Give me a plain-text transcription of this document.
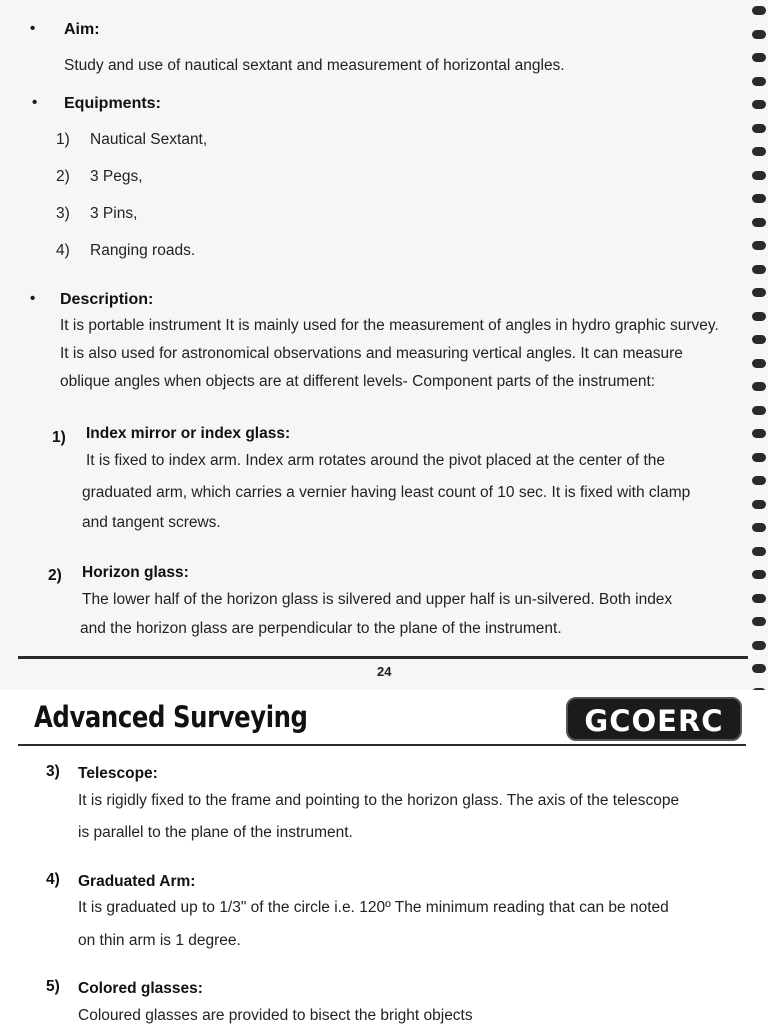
• Aim:
Study and use of nautical sextant and measurement of horizontal angles.
• Equipments:
1) Nautical Sextant,
2) 3 Pegs,
3) 3 Pins,
4) Ranging roads.
• Description:
It is portable instrument It is mainly used for the measurement of angles in hydro graphic survey.
It is also used for astronomical observations and measuring vertical angles. It can measure
oblique angles when objects are at different levels- Component parts of the instrument:
1) Index mirror or index glass:
It is fixed to index arm. Index arm rotates around the pivot placed at the center of the
graduated arm, which carries a vernier having least count of 10 sec. It is fixed with clamp
and tangent screws.
2) Horizon glass:
The lower half of the horizon glass is silvered and upper half is un-silvered. Both index
and the horizon glass are perpendicular to the plane of the instrument.
24
Advanced Surveying	GCOERC
3) Telescope:
It is rigidly fixed to the frame and pointing to the horizon glass. The axis of the telescope
is parallel to the plane of the instrument.
4) Graduated Arm:
It is graduated up to 1/3" of the circle i.e. 120º The minimum reading that can be noted
on thin arm is 1 degree.
5) Colored glasses:
Coloured glasses are provided to bisect the bright objects
